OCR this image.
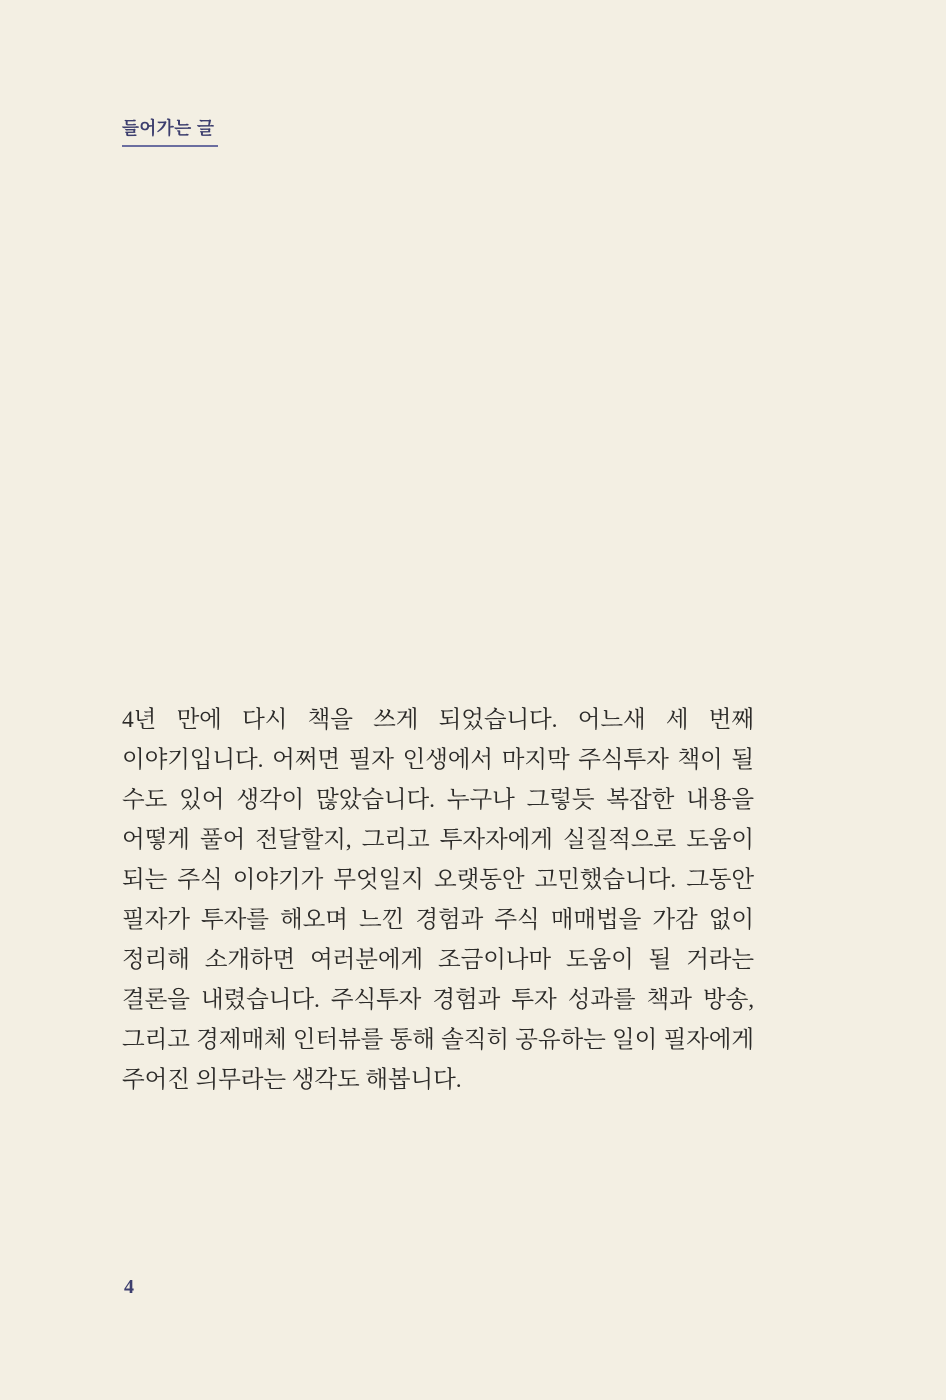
들어가는 글

4년 만에 다시 책을 쓰게 되었습니다. 어느새 세 번째 이야기입니다. 어쩌면 필자 인생에서 마지막 주식투자 책이 될 수도 있어 생각이 많았습니다. 누구나 그렇듯 복잡한 내용을 어떻게 풀어 전달할지, 그리고 투자자에게 실질적으로 도움이 되는 주식 이야기가 무엇일지 오랫동안 고민했습니다. 그동안 필자가 투자를 해오며 느낀 경험과 주식 매매법을 가감 없이 정리해 소개하면 여러분에게 조금이나마 도움이 될 거라는 결론을 내렸습니다. 주식투자 경험과 투자 성과를 책과 방송, 그리고 경제매체 인터뷰를 통해 솔직히 공유하는 일이 필자에게 주어진 의무라는 생각도 해봅니다.

4
